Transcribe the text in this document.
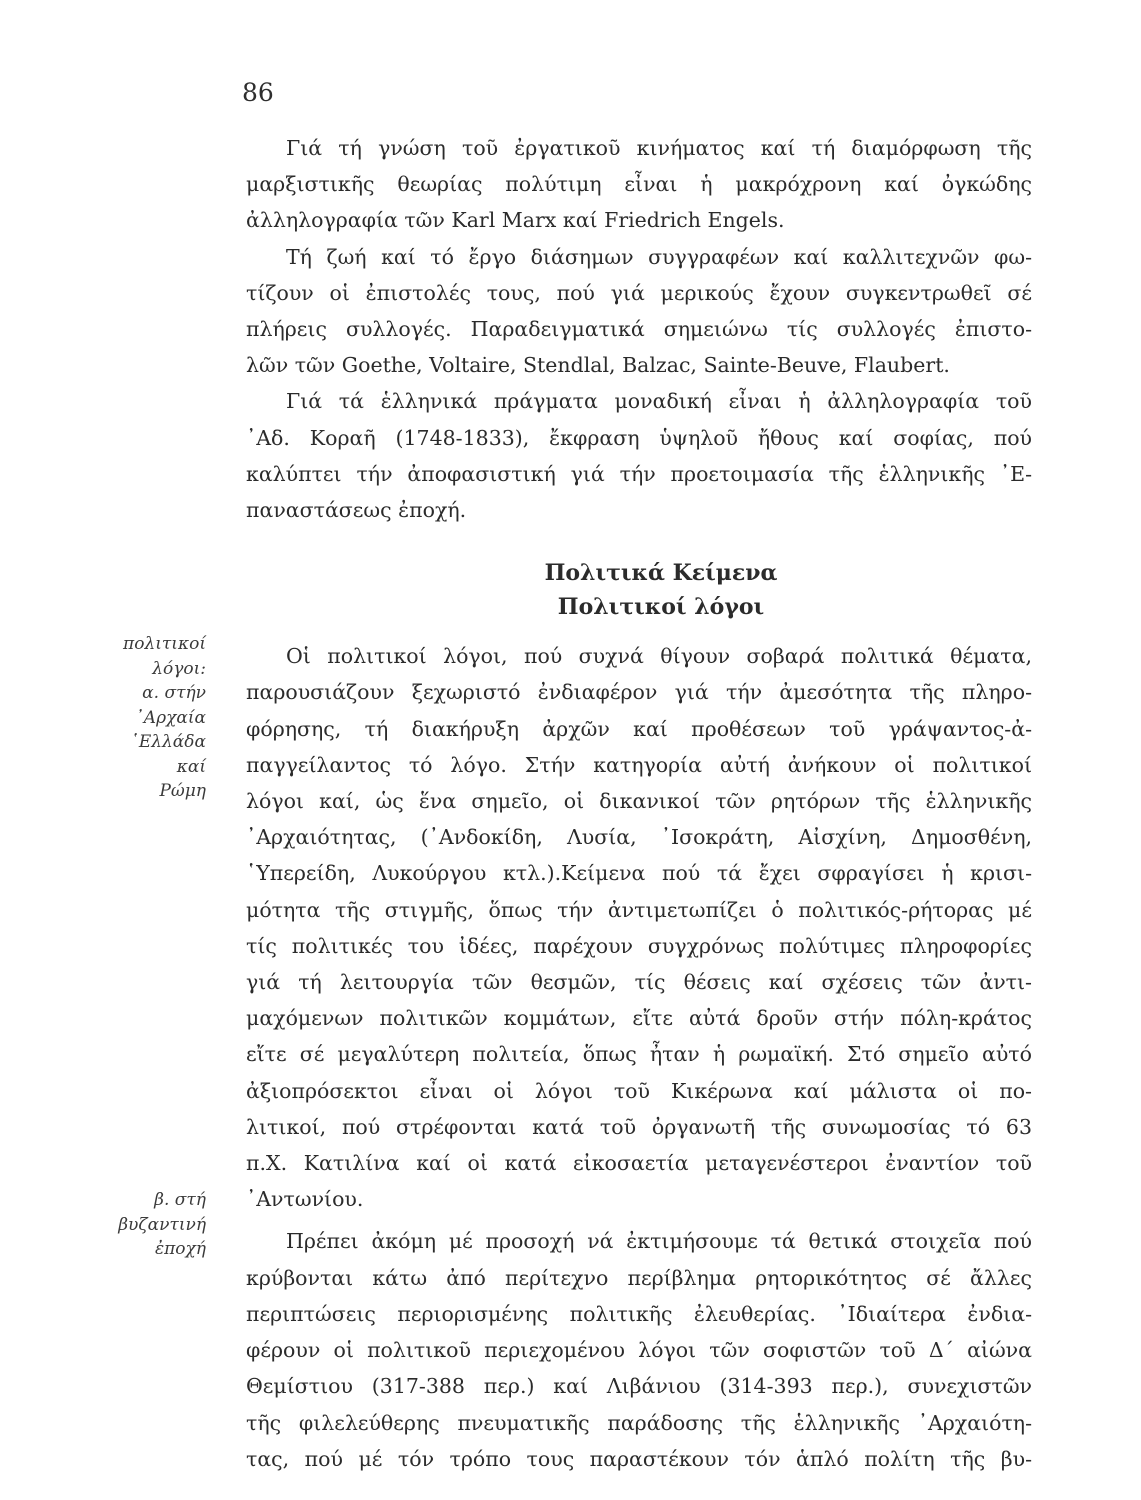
86
πολιτικοί
λόγοι:
α. στήν
᾿Αρχαία
῾Ελλάδα
καί
Ρώμη
β. στή
βυζαντινή
ἐποχή
Γιά τή γνώση τοῦ ἐργατικοῦ κινήματος καί τή διαμόρφωση τῆς
μαρξιστικῆς θεωρίας πολύτιμη εἶναι ἡ μακρόχρονη καί ὀγκώδης
ἀλληλογραφία τῶν Karl Marx καί Friedrich Engels.
Τή ζωή καί τό ἔργο διάσημων συγγραφέων καί καλλιτεχνῶν φω-
τίζουν οἱ ἐπιστολές τους, πού γιά μερικούς ἔχουν συγκεντρωθεῖ σέ
πλήρεις συλλογές. Παραδειγματικά σημειώνω τίς συλλογές ἐπιστο-
λῶν τῶν Goethe, Voltaire, Stendlal, Balzac, Sainte-Beuve, Flaubert.
Γιά τά ἑλληνικά πράγματα μοναδική εἶναι ἡ ἀλληλογραφία τοῦ
᾿Αδ. Κοραῆ (1748-1833), ἔκφραση ὑψηλοῦ ἤθους καί σοφίας, πού
καλύπτει τήν ἀποφασιστική γιά τήν προετοιμασία τῆς ἑλληνικῆς ᾿Ε-
παναστάσεως ἐποχή.
Πολιτικά Κείμενα
Πολιτικοί λόγοι
Οἱ πολιτικοί λόγοι, πού συχνά θίγουν σοβαρά πολιτικά θέματα,
παρουσιάζουν ξεχωριστό ἐνδιαφέρον γιά τήν ἀμεσότητα τῆς πληρο-
φόρησης, τή διακήρυξη ἀρχῶν καί προθέσεων τοῦ γράψαντος-ἀ-
παγγείλαντος τό λόγο. Στήν κατηγορία αὐτή ἀνήκουν οἱ πολιτικοί
λόγοι καί, ὡς ἕνα σημεῖο, οἱ δικανικοί τῶν ρητόρων τῆς ἑλληνικῆς
᾿Αρχαιότητας, (᾿Ανδοκίδη, Λυσία, ᾿Ισοκράτη, Αἰσχίνη, Δημοσθένη,
῾Υπερείδη, Λυκούργου κτλ.).Κείμενα πού τά ἔχει σφραγίσει ἡ κρισι-
μότητα τῆς στιγμῆς, ὅπως τήν ἀντιμετωπίζει ὁ πολιτικός-ρήτορας μέ
τίς πολιτικές του ἰδέες, παρέχουν συγχρόνως πολύτιμες πληροφορίες
γιά τή λειτουργία τῶν θεσμῶν, τίς θέσεις καί σχέσεις τῶν ἀντι-
μαχόμενων πολιτικῶν κομμάτων, εἴτε αὐτά δροῦν στήν πόλη-κράτος
εἴτε σέ μεγαλύτερη πολιτεία, ὅπως ἦταν ἡ ρωμαϊκή. Στό σημεῖο αὐτό
ἀξιοπρόσεκτοι εἶναι οἱ λόγοι τοῦ Κικέρωνα καί μάλιστα οἱ πο-
λιτικοί, πού στρέφονται κατά τοῦ ὀργανωτῆ τῆς συνωμοσίας τό 63
π.Χ. Κατιλίνα καί οἱ κατά εἰκοσαετία μεταγενέστεροι ἐναντίον τοῦ
᾿Αντωνίου.
Πρέπει ἀκόμη μέ προσοχή νά ἐκτιμήσουμε τά θετικά στοιχεῖα πού
κρύβονται κάτω ἀπό περίτεχνο περίβλημα ρητορικότητος σέ ἄλλες
περιπτώσεις περιορισμένης πολιτικῆς ἐλευθερίας. ᾿Ιδιαίτερα ἐνδια-
φέρουν οἱ πολιτικοῦ περιεχομένου λόγοι τῶν σοφιστῶν τοῦ Δ΄ αἰώνα
Θεμίστιου (317-388 περ.) καί Λιβάνιου (314-393 περ.), συνεχιστῶν
τῆς φιλελεύθερης πνευματικῆς παράδοσης τῆς ἑλληνικῆς ᾿Αρχαιότη-
τας, πού μέ τόν τρόπο τους παραστέκουν τόν ἁπλό πολίτη τῆς βυ-
